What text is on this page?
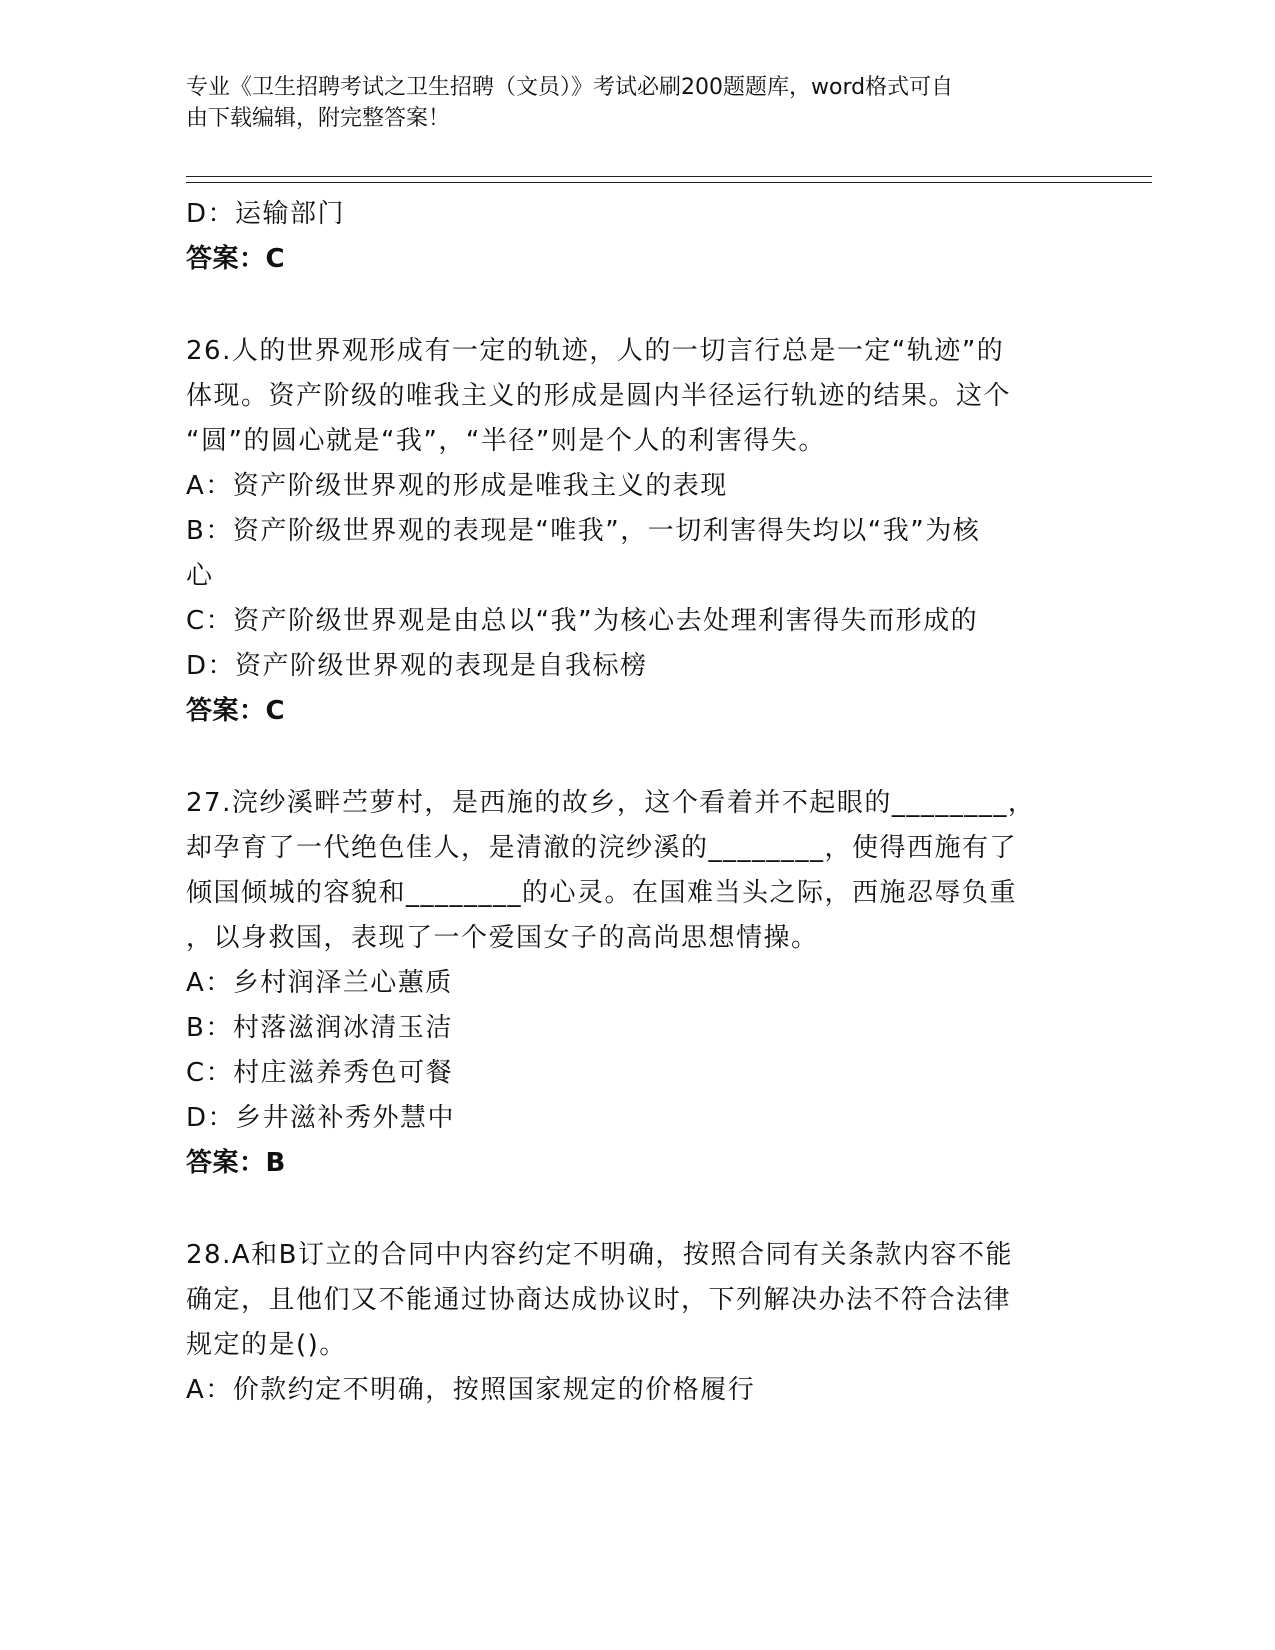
专业《卫生招聘考试之卫生招聘（文员）》考试必刷200题题库，word格式可自

由下载编辑，附完整答案！

D：运输部门

答案：C

26.人的世界观形成有一定的轨迹，人的一切言行总是一定“轨迹”的

体现。资产阶级的唯我主义的形成是圆内半径运行轨迹的结果。这个

“圆”的圆心就是“我”，“半径”则是个人的利害得失。

A：资产阶级世界观的形成是唯我主义的表现

B：资产阶级世界观的表现是“唯我”，一切利害得失均以“我”为核

心

C：资产阶级世界观是由总以“我”为核心去处理利害得失而形成的

D：资产阶级世界观的表现是自我标榜

答案：C

27.浣纱溪畔苎萝村，是西施的故乡，这个看着并不起眼的________，

却孕育了一代绝色佳人，是清澈的浣纱溪的________，使得西施有了

倾国倾城的容貌和________的心灵。在国难当头之际，西施忍辱负重

，以身救国，表现了一个爱国女子的高尚思想情操。

A：乡村润泽兰心蕙质

B：村落滋润冰清玉洁

C：村庄滋养秀色可餐

D：乡井滋补秀外慧中

答案：B

28.A和B订立的合同中内容约定不明确，按照合同有关条款内容不能

确定，且他们又不能通过协商达成协议时，下列解决办法不符合法律

规定的是()。

A：价款约定不明确，按照国家规定的价格履行
